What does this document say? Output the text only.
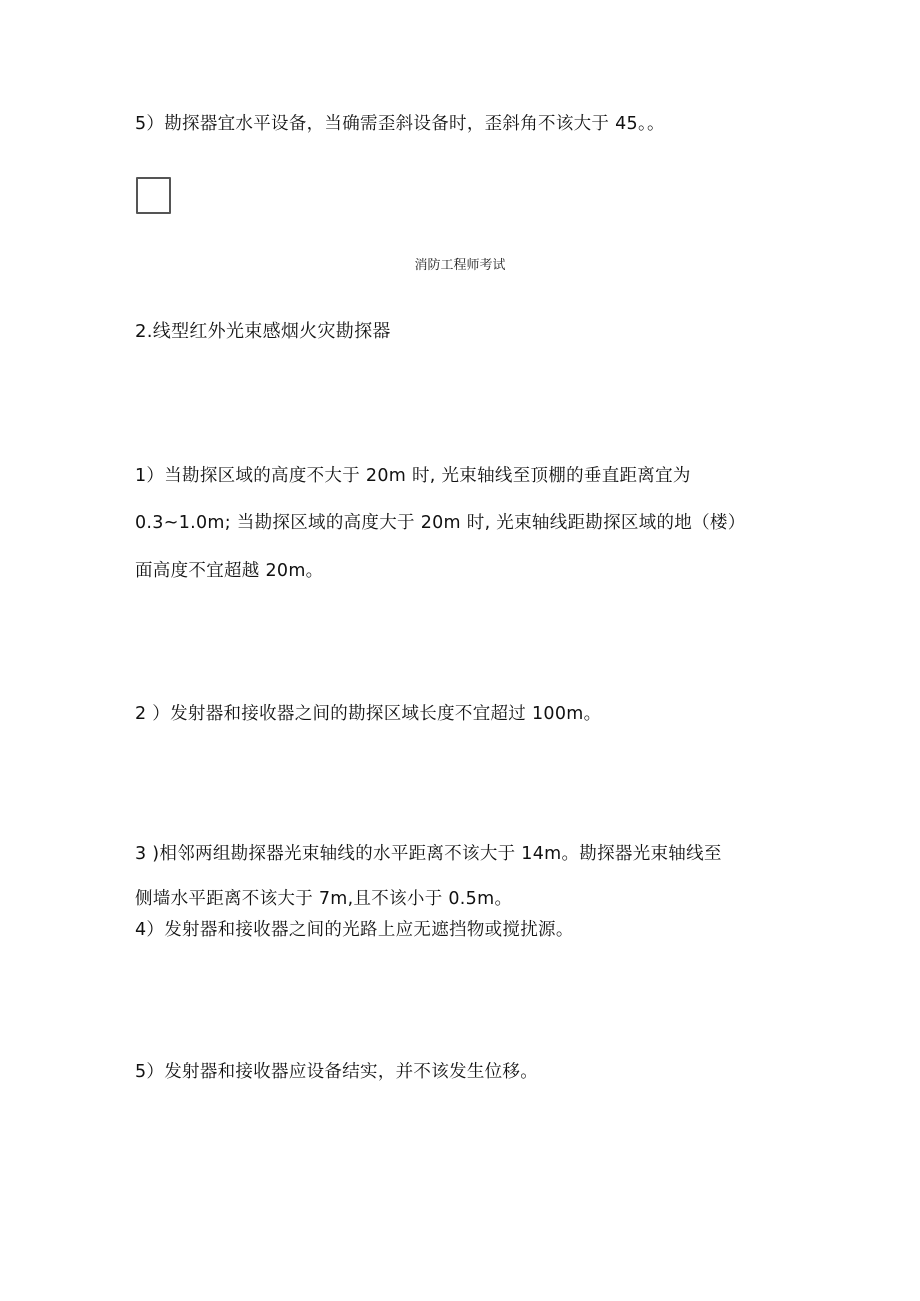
5）勘探器宜水平设备，当确需歪斜设备时，歪斜角不该大于 45。。
消防工程师考试
2.线型红外光束感烟火灾勘探器
1）当勘探区域的高度不大于 20m 时, 光束轴线至顶棚的垂直距离宜为
0.3~1.0m; 当勘探区域的高度大于 20m 时, 光束轴线距勘探区域的地（楼）
面高度不宜超越 20m。
2 ）发射器和接收器之间的勘探区域长度不宜超过 100m。
3 )相邻两组勘探器光束轴线的水平距离不该大于 14m。勘探器光束轴线至
侧墙水平距离不该大于 7m,且不该小于 0.5m。
4）发射器和接收器之间的光路上应无遮挡物或搅扰源。
5）发射器和接收器应设备结实，并不该发生位移。
